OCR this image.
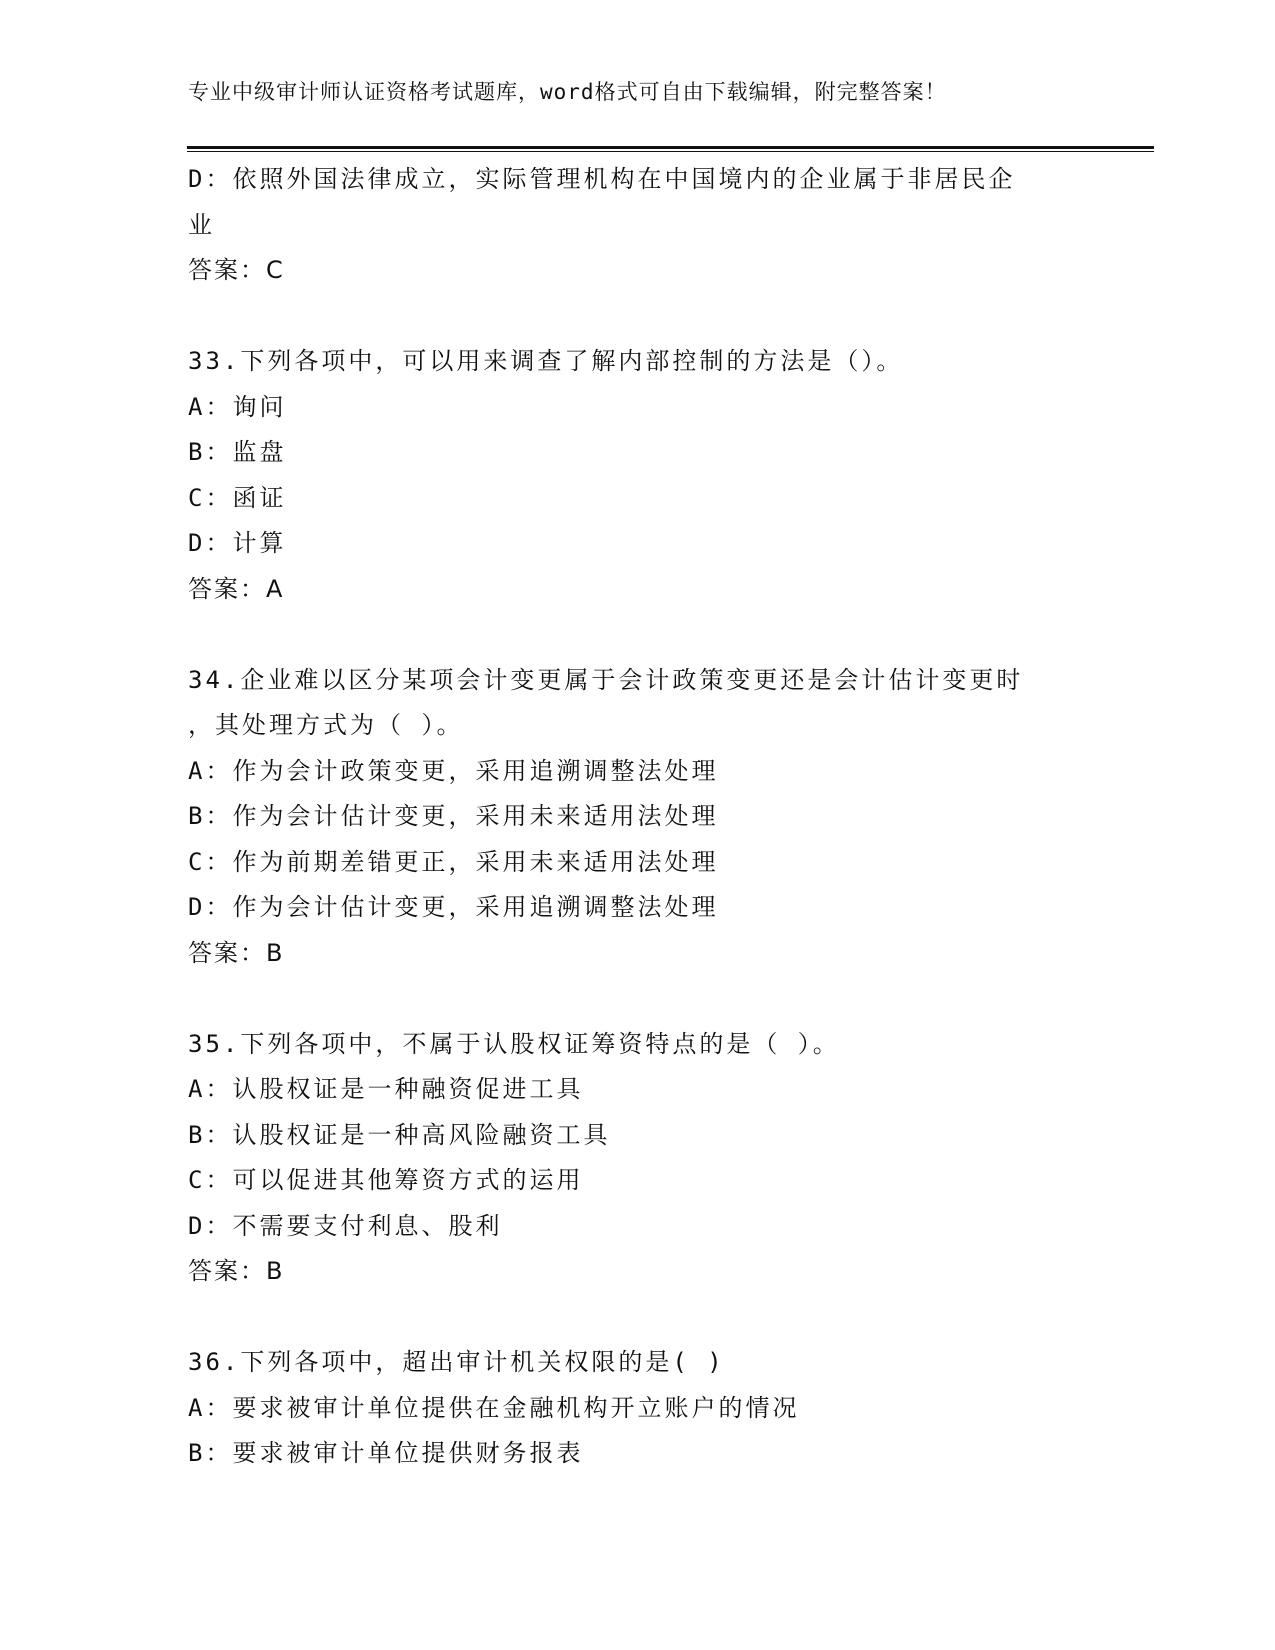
专业中级审计师认证资格考试题库，word格式可自由下载编辑，附完整答案！
D：依照外国法律成立，实际管理机构在中国境内的企业属于非居民企
业
答案：C
33.下列各项中，可以用来调查了解内部控制的方法是（）。
A：询问
B：监盘
C：函证
D：计算
答案：A
34.企业难以区分某项会计变更属于会计政策变更还是会计估计变更时
，其处理方式为（ ）。
A：作为会计政策变更，采用追溯调整法处理
B：作为会计估计变更，采用未来适用法处理
C：作为前期差错更正，采用未来适用法处理
D：作为会计估计变更，采用追溯调整法处理
答案：B
35.下列各项中，不属于认股权证筹资特点的是（ ）。
A：认股权证是一种融资促进工具
B：认股权证是一种高风险融资工具
C：可以促进其他筹资方式的运用
D：不需要支付利息、股利
答案：B
36.下列各项中，超出审计机关权限的是( )
A：要求被审计单位提供在金融机构开立账户的情况
B：要求被审计单位提供财务报表
